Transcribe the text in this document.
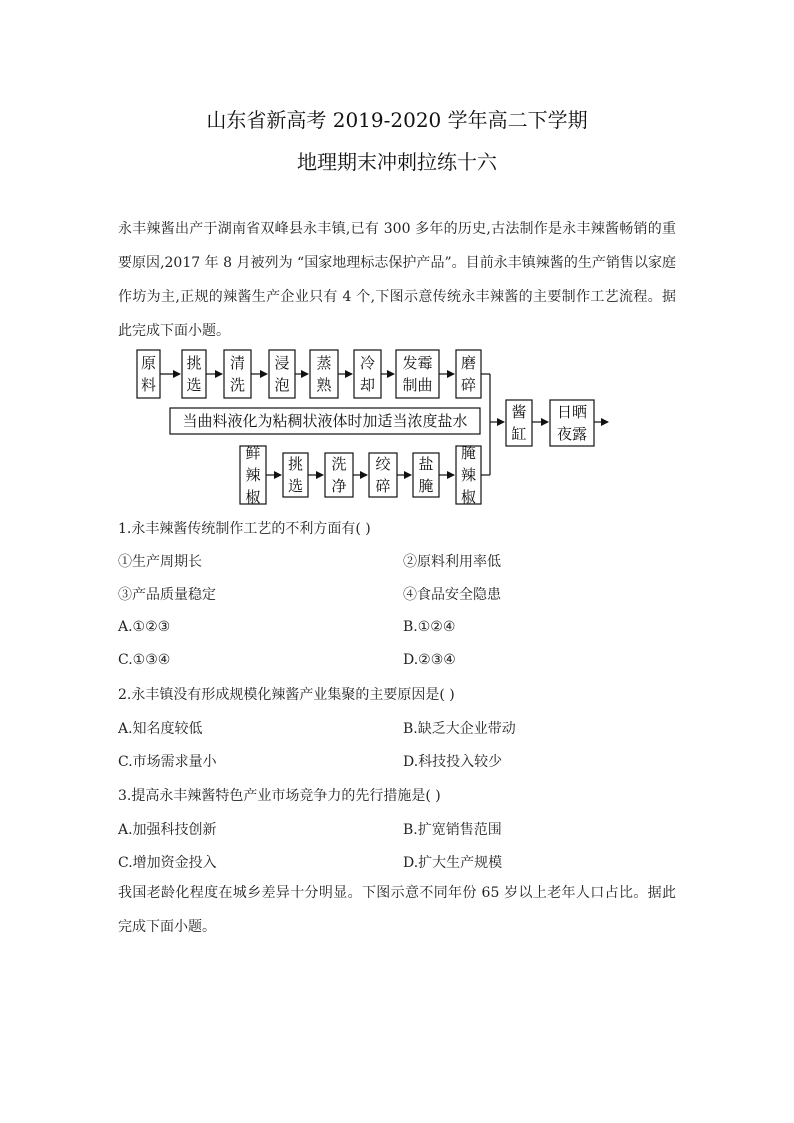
山东省新高考 2019-2020 学年高二下学期
地理期末冲刺拉练十六
永丰辣酱出产于湖南省双峰县永丰镇,已有 300 多年的历史,古法制作是永丰辣酱畅销的重要原因,2017 年 8 月被列为 “国家地理标志保护产品”。目前永丰镇辣酱的生产销售以家庭作坊为主,正规的辣酱生产企业只有 4 个,下图示意传统永丰辣酱的主要制作工艺流程。据此完成下面小题。
原
料
挑
选
清
洗
浸
泡
蒸
熟
冷
却
发霉
制曲
磨
碎
当曲料液化为粘稠状液体时加适当浓度盐水
鲜
辣
椒
挑
选
洗
净
绞
碎
盐
腌
腌
辣
椒
酱
缸
日晒
夜露
1.永丰辣酱传统制作工艺的不利方面有( )
①生产周期长	②原料利用率低
③产品质量稳定	④食品安全隐患
A.①②③	B.①②④
C.①③④	D.②③④
2.永丰镇没有形成规模化辣酱产业集聚的主要原因是( )
A.知名度较低	B.缺乏大企业带动
C.市场需求量小	D.科技投入较少
3.提高永丰辣酱特色产业市场竞争力的先行措施是( )
A.加强科技创新	B.扩宽销售范围
C.增加资金投入	D.扩大生产规模
我国老龄化程度在城乡差异十分明显。下图示意不同年份 65 岁以上老年人口占比。据此完成下面小题。
